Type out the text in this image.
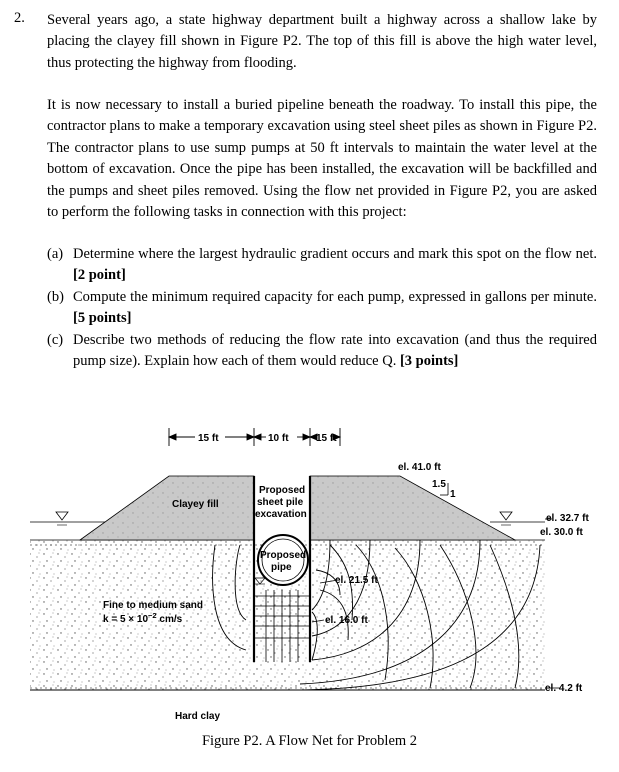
2. Several years ago, a state highway department built a highway across a shallow lake by placing the clayey fill shown in Figure P2. The top of this fill is above the high water level, thus protecting the highway from flooding.

It is now necessary to install a buried pipeline beneath the roadway. To install this pipe, the contractor plans to make a temporary excavation using steel sheet piles as shown in Figure P2. The contractor plans to use sump pumps at 50 ft intervals to maintain the water level at the bottom of excavation. Once the pipe has been installed, the excavation will be backfilled and the pumps and sheet piles removed. Using the flow net provided in Figure P2, you are asked to perform the following tasks in connection with this project:

(a) Determine where the largest hydraulic gradient occurs and mark this spot on the flow net. [2 point]
(b) Compute the minimum required capacity for each pump, expressed in gallons per minute. [5 points]
(c) Describe two methods of reducing the flow rate into excavation (and thus the required pump size). Explain how each of them would reduce Q. [3 points]
15 ft	10 ft	15 ft
1.5
1
el. 41.0 ft
Clayey fill
Proposed
sheet pile
excavation
Proposed
pipe
el. 32.7 ft
el. 30.0 ft
el. 21.5 ft
el. 16.0 ft
el. 4.2 ft
Fine to medium sand
$k = 5 \times 10^{-2}$ cm/s
Hard clay
Figure P2. A Flow Net for Problem 2
